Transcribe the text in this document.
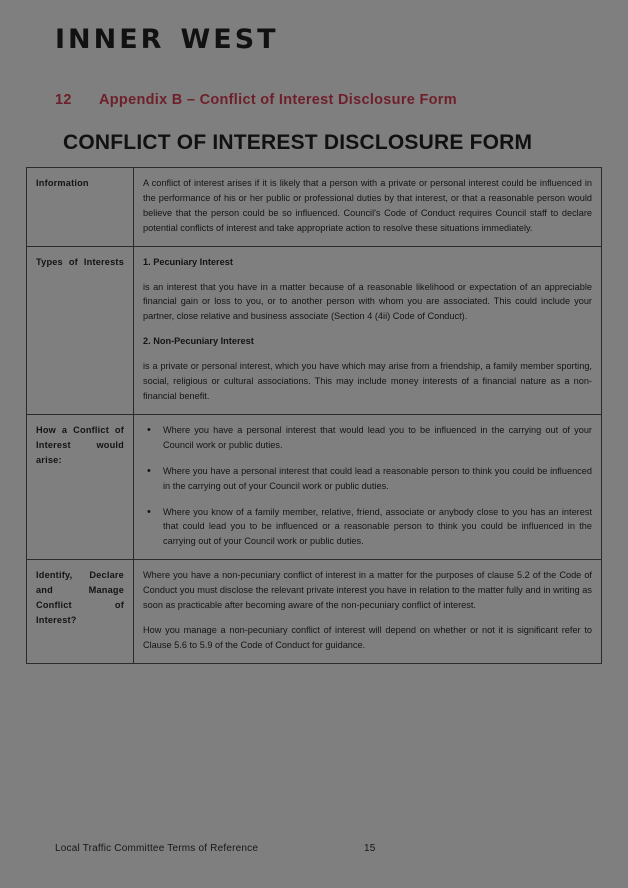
INNER WEST
12 Appendix B – Conflict of Interest Disclosure Form
CONFLICT OF INTEREST DISCLOSURE FORM
Information	A conflict of interest arises if it is likely that a person with a private or personal interest could be influenced in the performance of his or her public or professional duties by that interest, or that a reasonable person would believe that the person could be so influenced. Council's Code of Conduct requires Council staff to declare potential conflicts of interest and take appropriate action to resolve these situations immediately.

Types of Interests	1. Pecuniary Interest

is an interest that you have in a matter because of a reasonable likelihood or expectation of an appreciable financial gain or loss to you, or to another person with whom you are associated. This could include your partner, close relative and business associate (Section 4 (4ii) Code of Conduct).

2. Non-Pecuniary Interest

is a private or personal interest, which you have which may arise from a friendship, a family member sporting, social, religious or cultural associations. This may include money interests of a financial nature as a non-financial benefit.

How a Conflict of Interest would arise:	
• Where you have a personal interest that would lead you to be influenced in the carrying out of your Council work or public duties.
• Where you have a personal interest that could lead a reasonable person to think you could be influenced in the carrying out of your Council work or public duties.
• Where you know of a family member, relative, friend, associate or anybody close to you has an interest that could lead you to be influenced or a reasonable person to think you could be influenced in the carrying out of your Council work or public duties.

Identify, Declare and Manage Conflict of Interest?	Where you have a non-pecuniary conflict of interest in a matter for the purposes of clause 5.2 of the Code of Conduct you must disclose the relevant private interest you have in relation to the matter fully and in writing as soon as practicable after becoming aware of the non-pecuniary conflict of interest.

How you manage a non-pecuniary conflict of interest will depend on whether or not it is significant refer to Clause 5.6 to 5.9 of the Code of Conduct for guidance.

Local Traffic Committee Terms of Reference	15
